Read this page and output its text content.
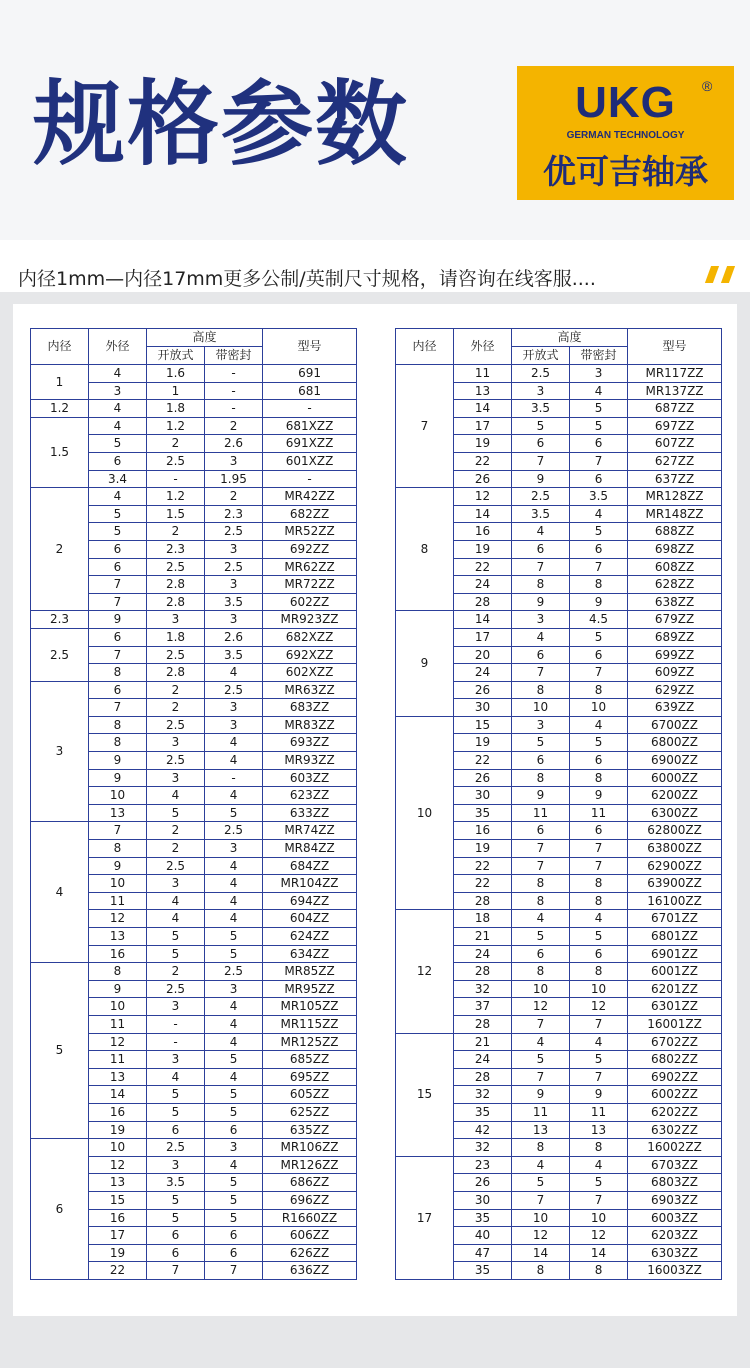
规格参数	UKG	®
GERMAN TECHNOLOGY
优可吉轴承
内径1mm—内径17mm更多公制/英制尺寸规格，请咨询在线客服....
内径	外径	高度		型号
		开放式	带密封	
1	4	1.6	-	691
	3	1	-	681
1.2	4	1.8	-	-
1.5	4	1.2	2	681XZZ
	5	2	2.6	691XZZ
	6	2.5	3	601XZZ
	3.4	-	1.95	-
2	4	1.2	2	MR42ZZ
	5	1.5	2.3	682ZZ
	5	2	2.5	MR52ZZ
	6	2.3	3	692ZZ
	6	2.5	2.5	MR62ZZ
	7	2.8	3	MR72ZZ
	7	2.8	3.5	602ZZ
2.3	9	3	3	MR923ZZ
2.5	6	1.8	2.6	682XZZ
	7	2.5	3.5	692XZZ
	8	2.8	4	602XZZ
3	6	2	2.5	MR63ZZ
	7	2	3	683ZZ
	8	2.5	3	MR83ZZ
	8	3	4	693ZZ
	9	2.5	4	MR93ZZ
	9	3	-	603ZZ
	10	4	4	623ZZ
	13	5	5	633ZZ
4	7	2	2.5	MR74ZZ
	8	2	3	MR84ZZ
	9	2.5	4	684ZZ
	10	3	4	MR104ZZ
	11	4	4	694ZZ
	12	4	4	604ZZ
	13	5	5	624ZZ
	16	5	5	634ZZ
5	8	2	2.5	MR85ZZ
	9	2.5	3	MR95ZZ
	10	3	4	MR105ZZ
	11	-	4	MR115ZZ
	12	-	4	MR125ZZ
	11	3	5	685ZZ
	13	4	4	695ZZ
	14	5	5	605ZZ
	16	5	5	625ZZ
	19	6	6	635ZZ
6	10	2.5	3	MR106ZZ
	12	3	4	MR126ZZ
	13	3.5	5	686ZZ
	15	5	5	696ZZ
	16	5	5	R1660ZZ
	17	6	6	606ZZ
	19	6	6	626ZZ
	22	7	7	636ZZ
内径	外径	高度		型号
		开放式	带密封	
7	11	2.5	3	MR117ZZ
	13	3	4	MR137ZZ
	14	3.5	5	687ZZ
	17	5	5	697ZZ
	19	6	6	607ZZ
	22	7	7	627ZZ
	26	9	6	637ZZ
8	12	2.5	3.5	MR128ZZ
	14	3.5	4	MR148ZZ
	16	4	5	688ZZ
	19	6	6	698ZZ
	22	7	7	608ZZ
	24	8	8	628ZZ
	28	9	9	638ZZ
9	14	3	4.5	679ZZ
	17	4	5	689ZZ
	20	6	6	699ZZ
	24	7	7	609ZZ
	26	8	8	629ZZ
	30	10	10	639ZZ
10	15	3	4	6700ZZ
	19	5	5	6800ZZ
	22	6	6	6900ZZ
	26	8	8	6000ZZ
	30	9	9	6200ZZ
	35	11	11	6300ZZ
	16	6	6	62800ZZ
	19	7	7	63800ZZ
	22	7	7	62900ZZ
	22	8	8	63900ZZ
	28	8	8	16100ZZ
12	18	4	4	6701ZZ
	21	5	5	6801ZZ
	24	6	6	6901ZZ
	28	8	8	6001ZZ
	32	10	10	6201ZZ
	37	12	12	6301ZZ
	28	7	7	16001ZZ
15	21	4	4	6702ZZ
	24	5	5	6802ZZ
	28	7	7	6902ZZ
	32	9	9	6002ZZ
	35	11	11	6202ZZ
	42	13	13	6302ZZ
	32	8	8	16002ZZ
17	23	4	4	6703ZZ
	26	5	5	6803ZZ
	30	7	7	6903ZZ
	35	10	10	6003ZZ
	40	12	12	6203ZZ
	47	14	14	6303ZZ
	35	8	8	16003ZZ
